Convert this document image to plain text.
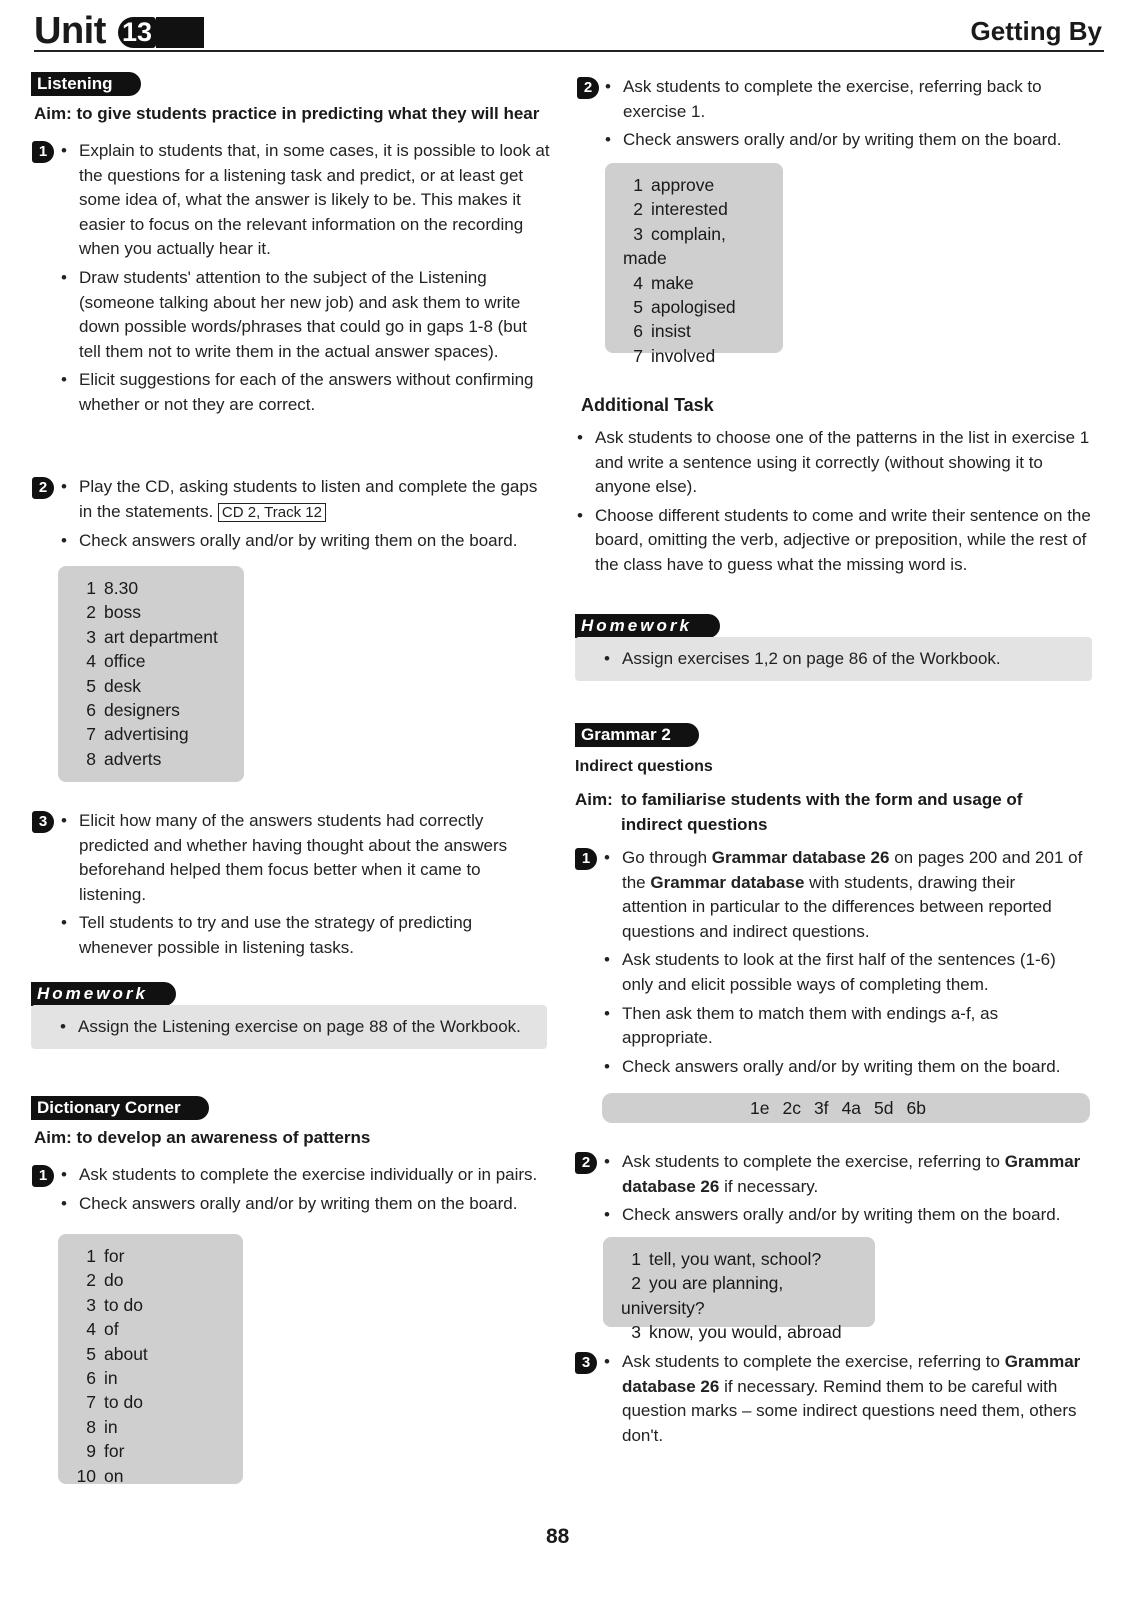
Unit 13	Getting By
Listening
Aim: to give students practice in predicting what they will hear
1	• Explain to students that, in some cases, it is possible to look at the questions for a listening task and predict, or at least get some idea of, what the answer is likely to be. This makes it easier to focus on the relevant information on the recording when you actually hear it.
• Draw students' attention to the subject of the Listening (someone talking about her new job) and ask them to write down possible words/phrases that could go in gaps 1-8 (but tell them not to write them in the actual answer spaces).
• Elicit suggestions for each of the answers without confirming whether or not they are correct.
2	• Play the CD, asking students to listen and complete the gaps in the statements. CD 2, Track 12
• Check answers orally and/or by writing them on the board.
1 8.30
2 boss
3 art department
4 office
5 desk
6 designers
7 advertising
8 adverts
3	• Elicit how many of the answers students had correctly predicted and whether having thought about the answers beforehand helped them focus better when it came to listening.
• Tell students to try and use the strategy of predicting whenever possible in listening tasks.
Homework
• Assign the Listening exercise on page 88 of the Workbook.
Dictionary Corner
Aim: to develop an awareness of patterns
1	• Ask students to complete the exercise individually or in pairs.
• Check answers orally and/or by writing them on the board.
1 for
2 do
3 to do
4 of
5 about
6 in
7 to do
8 in
9 for
10 on
2	• Ask students to complete the exercise, referring back to exercise 1.
• Check answers orally and/or by writing them on the board.
1 approve
2 interested
3 complain, made
4 make
5 apologised
6 insist
7 involved
Additional Task
• Ask students to choose one of the patterns in the list in exercise 1 and write a sentence using it correctly (without showing it to anyone else).
• Choose different students to come and write their sentence on the board, omitting the verb, adjective or preposition, while the rest of the class have to guess what the missing word is.
Homework
• Assign exercises 1,2 on page 86 of the Workbook.
Grammar 2
Indirect questions
Aim: to familiarise students with the form and usage of indirect questions
1	• Go through Grammar database 26 on pages 200 and 201 of the Grammar database with students, drawing their attention in particular to the differences between reported questions and indirect questions.
• Ask students to look at the first half of the sentences (1-6) only and elicit possible ways of completing them.
• Then ask them to match them with endings a-f, as appropriate.
• Check answers orally and/or by writing them on the board.
1e 2c 3f 4a 5d 6b
2	• Ask students to complete the exercise, referring to Grammar database 26 if necessary.
• Check answers orally and/or by writing them on the board.
1 tell, you want, school?
2 you are planning, university?
3 know, you would, abroad
3	• Ask students to complete the exercise, referring to Grammar database 26 if necessary. Remind them to be careful with question marks – some indirect questions need them, others don't.
88
